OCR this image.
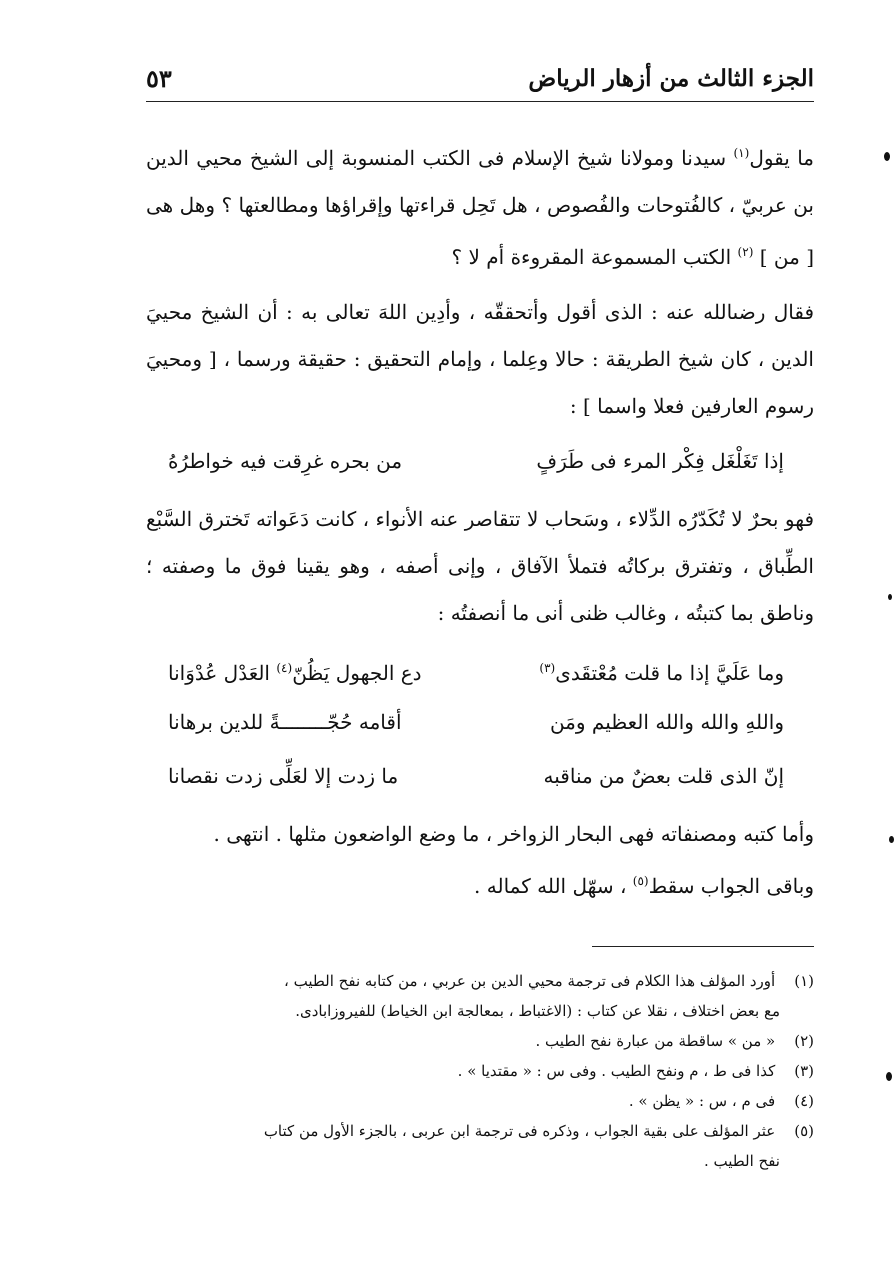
الجزء الثالث من أزهار الرياض
٥٣

ما يقول$^{(١)}$ سيدنا ومولانا شيخ الإسلام فى الكتب المنسوبة إلى الشيخ محيي الدين بن عربيّ ، كالفُتوحات والفُصوص ، هل تَحِل قراءتها وإقراؤها ومطالعتها ؟ وهل هى [ من ] $^{(٢)}$ الكتب المسموعة المقروءة أم لا ؟

فقال رضىالله عنه : الذى أقول وأتحققّه ، وأدِين اللهَ تعالى به : أن الشيخ محييَ الدين ، كان شيخ الطريقة : حالا وعِلما ، وإمام التحقيق : حقيقة ورسما ، [ ومحييَ رسوم العارفين فعلا واسما ] :

إذا تَغَلْغَل فِكْر المرء فى طَرَفٍ
من بحره غرِقت فيه خواطرُهُ

فهو بحرٌ لا تُكَدّرُه الدِّلاء ، وسَحاب لا تتقاصر عنه الأنواء ، كانت دَعَواته تَخترق السَّبْع الطِّباق ، وتفترق بركاتُه فتملأ الآفاق ، وإنى أصفه ، وهو يقينا فوق ما وصفته ؛ وناطق بما كتبتُه ، وغالب ظنى أنى ما أنصفتُه :

وما عَلَيَّ إذا ما قلت مُعْتقَدى$^{(٣)}$
دع الجهول يَظُنّ$^{(٤)}$ العَدْل عُدْوَانا
واللهِ والله والله العظيم ومَن
أقامه حُجّــــــــةً للدين برهانا
إنّ الذى قلت بعضٌ من مناقبه
ما زدت إلا لعَلِّى زدت نقصانا

وأما كتبه ومصنفاته فهى البحار الزواخر ، ما وضع الواضعون مثلها . انتهى .

وباقى الجواب سقط$^{(٥)}$ ، سهّل الله كماله .

(١) أورد المؤلف هذا الكلام فى ترجمة محيي الدين بن عربي ، من كتابه نفح الطيب ،

مع بعض اختلاف ، نقلا عن كتاب : (الاغتباط ، بمعالجة ابن الخياط) للفيروزابادى.

(٢) « من » ساقطة من عبارة نفح الطيب .

(٣) كذا فى ط ، م ونفح الطيب . وفى س : « مقتديا » .

(٤) فى م ، س : « يظن » .

(٥) عثر المؤلف على بقية الجواب ، وذكره فى ترجمة ابن عربى ، بالجزء الأول من كتاب

نفح الطيب .
